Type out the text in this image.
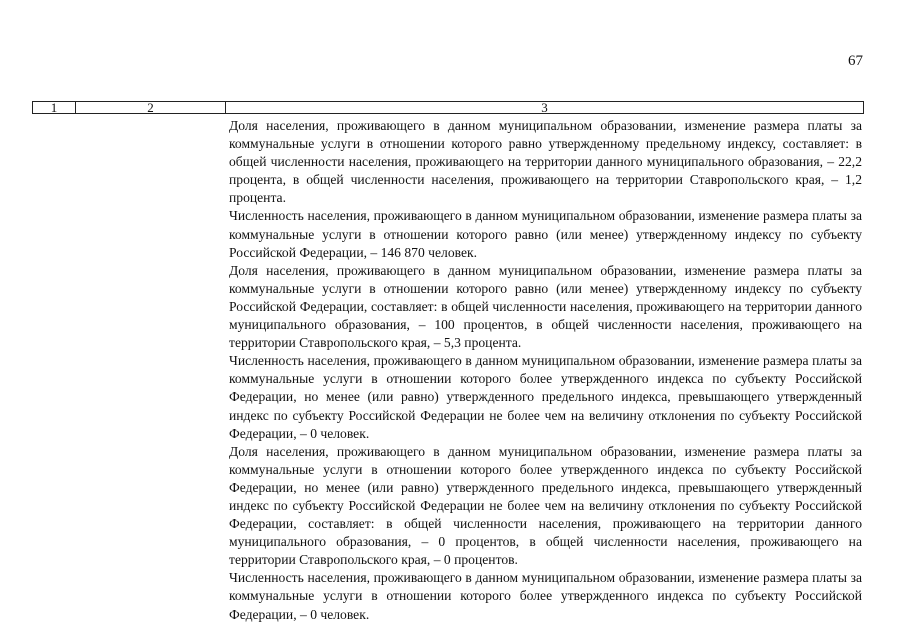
67
1	2	3

Доля населения, проживающего в данном муниципальном образовании, изменение размера платы за коммунальные услуги в отношении которого равно утвержденному предельному индексу, составляет: в общей численности населения, проживающего на территории данного муниципального образования, – 22,2 процента, в общей численности населения, проживающего на территории Ставропольского края, – 1,2 процента.

Численность населения, проживающего в данном муниципальном образовании, изменение размера платы за коммунальные услуги в отношении которого равно (или менее) утвержденному индексу по субъекту Российской Федерации, – 146 870 человек.

Доля населения, проживающего в данном муниципальном образовании, изменение размера платы за коммунальные услуги в отношении которого равно (или менее) утвержденному индексу по субъекту Российской Федерации, составляет: в общей численности населения, проживающего на территории данного муниципального образования, – 100 процентов, в общей численности населения, проживающего на территории Ставропольского края, – 5,3 процента.

Численность населения, проживающего в данном муниципальном образовании, изменение размера платы за коммунальные услуги в отношении которого более утвержденного индекса по субъекту Российской Федерации, но менее (или равно) утвержденного предельного индекса, превышающего утвержденный индекс по субъекту Российской Федерации не более чем на величину отклонения по субъекту Российской Федерации, – 0 человек.

Доля населения, проживающего в данном муниципальном образовании, изменение размера платы за коммунальные услуги в отношении которого более утвержденного индекса по субъекту Российской Федерации, но менее (или равно) утвержденного предельного индекса, превышающего утвержденный индекс по субъекту Российской Федерации не более чем на величину отклонения по субъекту Российской Федерации, составляет: в общей численности населения, проживающего на территории данного муниципального образования, – 0 процентов, в общей численности населения, проживающего на территории Ставропольского края, – 0 процентов.

Численность населения, проживающего в данном муниципальном образовании, изменение размера платы за коммунальные услуги в отношении которого более утвержденного индекса по субъекту Российской Федерации, – 0 человек.
